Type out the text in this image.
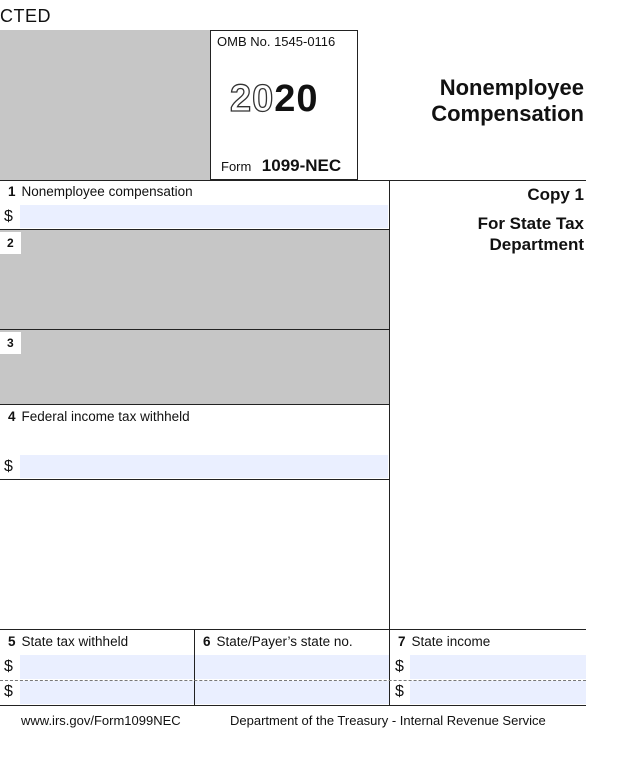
CTED
OMB No. 1545-0116
2020
Form 1099-NEC
Nonemployee
Compensation
Copy 1
For State Tax
Department
1 Nonemployee compensation
$
2
3
4 Federal income tax withheld
$
5 State tax withheld
$
$
6 State/Payer’s state no.	7 State income
$
$
www.irs.gov/Form1099NEC	Department of the Treasury - Internal Revenue Service
